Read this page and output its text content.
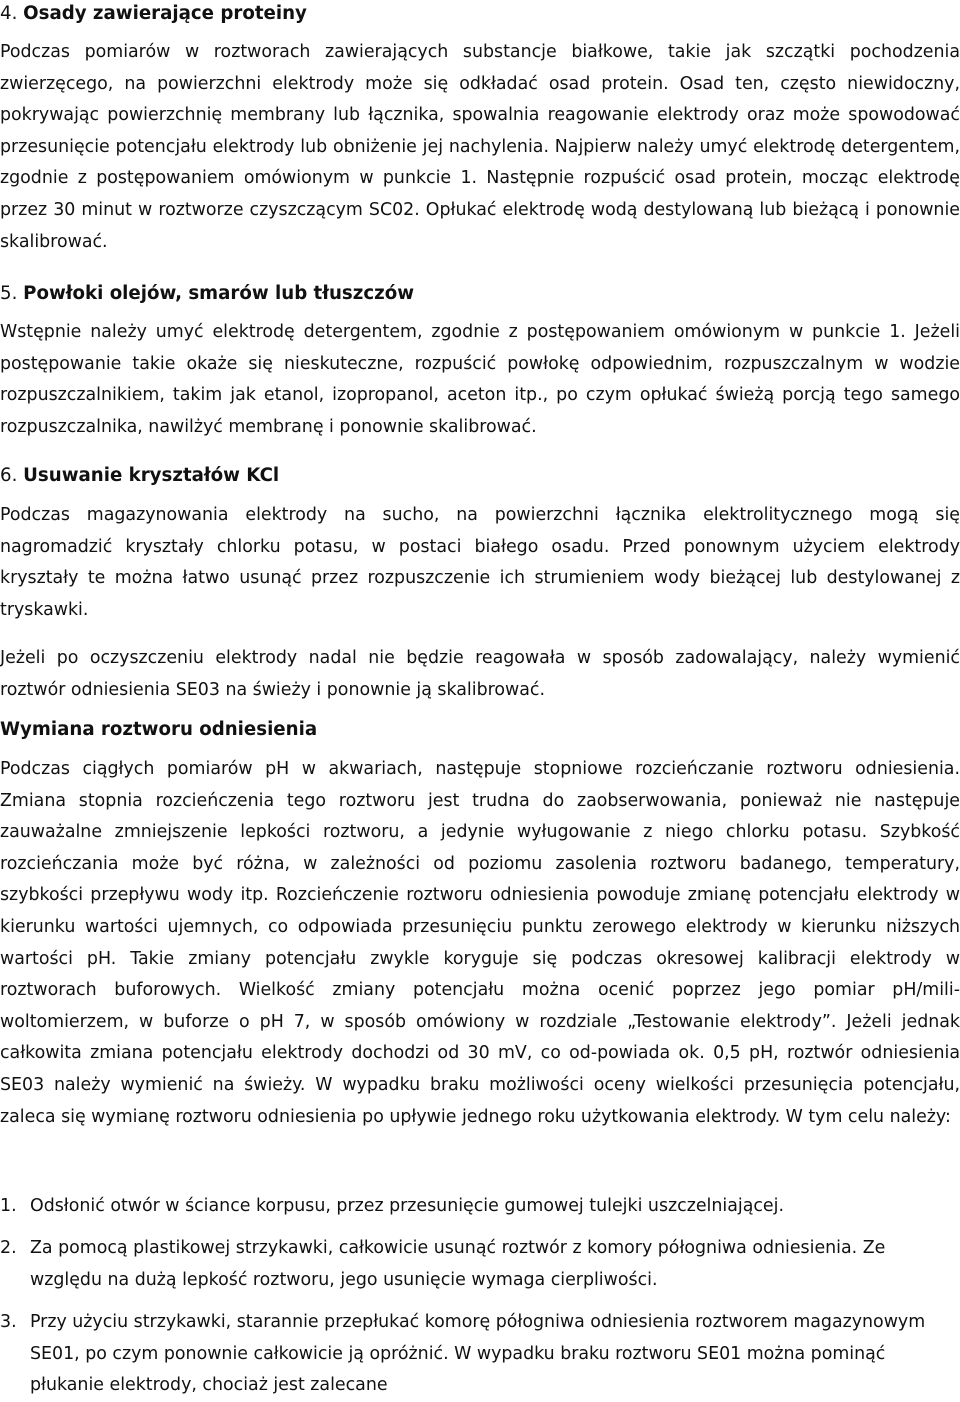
4. Osady zawierające proteiny

Podczas pomiarów w roztworach zawierających substancje białkowe, takie jak szczątki pochodzenia zwierzęcego, na powierzchni elektrody może się odkładać osad protein. Osad ten, często niewidoczny, pokrywając powierzchnię membrany lub łącznika, spowalnia reagowanie elektrody oraz może spowodować przesunięcie potencjału elektrody lub obniżenie jej nachylenia. Najpierw należy umyć elektrodę detergentem, zgodnie z postępowaniem omówionym w punkcie 1. Następnie rozpuścić osad protein, mocząc elektrodę przez 30 minut w roztworze czyszczącym SC02. Opłukać elektrodę wodą destylowaną lub bieżącą i ponownie skalibrować.

5. Powłoki olejów, smarów lub tłuszczów

Wstępnie należy umyć elektrodę detergentem, zgodnie z postępowaniem omówionym w punkcie 1. Jeżeli postępowanie takie okaże się nieskuteczne, rozpuścić powłokę odpowiednim, rozpuszczalnym w wodzie rozpuszczalnikiem, takim jak etanol, izopropanol, aceton itp., po czym opłukać świeżą porcją tego samego rozpuszczalnika, nawilżyć membranę i ponownie skalibrować.

6. Usuwanie kryształów KCl

Podczas magazynowania elektrody na sucho, na powierzchni łącznika elektrolitycznego mogą się nagromadzić kryształy chlorku potasu, w postaci białego osadu. Przed ponownym użyciem elektrody kryształy te można łatwo usunąć przez rozpuszczenie ich strumieniem wody bieżącej lub destylowanej z tryskawki.

Jeżeli po oczyszczeniu elektrody nadal nie będzie reagowała w sposób zadowalający, należy wymienić roztwór odniesienia SE03 na świeży i ponownie ją skalibrować.

Wymiana roztworu odniesienia

Podczas ciągłych pomiarów pH w akwariach, następuje stopniowe rozcieńczanie roztworu odniesienia. Zmiana stopnia rozcieńczenia tego roztworu jest trudna do zaobserwowania, ponieważ nie następuje zauważalne zmniejszenie lepkości roztworu, a jedynie wyługowanie z niego chlorku potasu. Szybkość rozcieńczania może być różna, w zależności od poziomu zasolenia roztworu badanego, temperatury, szybkości przepływu wody itp. Rozcieńczenie roztworu odniesienia powoduje zmianę potencjału elektrody w kierunku wartości ujemnych, co odpowiada przesunięciu punktu zerowego elektrody w kierunku niższych wartości pH. Takie zmiany potencjału zwykle koryguje się podczas okresowej kalibracji elektrody w roztworach buforowych. Wielkość zmiany potencjału można ocenić poprzez jego pomiar pH/mili-woltomierzem, w buforze o pH 7, w sposób omówiony w rozdziale „Testowanie elektrody”. Jeżeli jednak całkowita zmiana potencjału elektrody dochodzi od 30 mV, co od-powiada ok. 0,5 pH, roztwór odniesienia SE03 należy wymienić na świeży. W wypadku braku możliwości oceny wielkości przesunięcia potencjału, zaleca się wymianę roztworu odniesienia po upływie jednego roku użytkowania elektrody. W tym celu należy:

1. Odsłonić otwór w ściance korpusu, przez przesunięcie gumowej tulejki uszczelniającej.
2. Za pomocą plastikowej strzykawki, całkowicie usunąć roztwór z komory półogniwa odniesienia. Ze względu na dużą lepkość roztworu, jego usunięcie wymaga cierpliwości.
3. Przy użyciu strzykawki, starannie przepłukać komorę półogniwa odniesienia roztworem magazynowym SE01, po czym ponownie całkowicie ją opróżnić. W wypadku braku roztworu SE01 można pominąć płukanie elektrody, chociaż jest zalecane
